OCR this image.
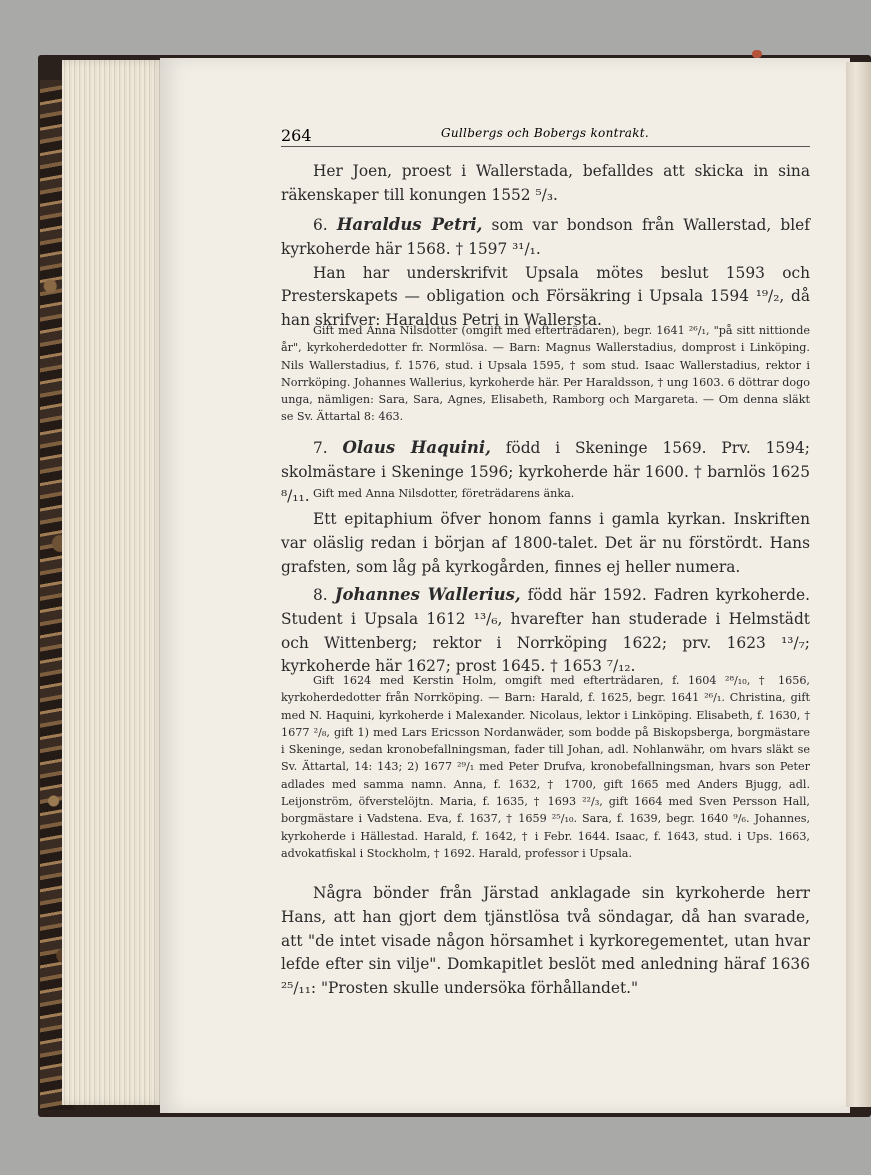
264	Gullbergs och Bobergs kontrakt.

Her Joen, proest i Wallerstada, befalldes att skicka in sina räkenskaper till konungen 1552 ⁵/₃.

6. Haraldus Petri, som var bondson från Wallerstad, blef kyrkoherde här 1568. † 1597 ³¹/₁.

Han har underskrifvit Upsala mötes beslut 1593 och Presterskapets — obligation och Försäkring i Upsala 1594 ¹⁹/₂, då han skrifver: Haraldus Petri in Wallersta.

Gift med Anna Nilsdotter (omgift med efterträdaren), begr. 1641 ²⁶/₁, "på sitt nittionde år", kyrkoherdedotter fr. Normlösa. — Barn: Magnus Wallerstadius, domprost i Linköping. Nils Wallerstadius, f. 1576, stud. i Upsala 1595, † som stud. Isaac Wallerstadius, rektor i Norrköping. Johannes Wallerius, kyrkoherde här. Per Haraldsson, † ung 1603. 6 döttrar dogo unga, nämligen: Sara, Sara, Agnes, Elisabeth, Ramborg och Margareta. — Om denna släkt se Sv. Ättartal 8: 463.

7. Olaus Haquini, född i Skeninge 1569. Prv. 1594; skolmästare i Skeninge 1596; kyrkoherde här 1600. † barnlös 1625 ⁸/₁₁. Gift med Anna Nilsdotter, företrädarens änka.

Ett epitaphium öfver honom fanns i gamla kyrkan. Inskriften var oläslig redan i början af 1800-talet. Det är nu förstördt. Hans grafsten, som låg på kyrkogården, finnes ej heller numera.

8. Johannes Wallerius, född här 1592. Fadren kyrkoherde. Student i Upsala 1612 ¹³/₆, hvarefter han studerade i Helmstädt och Wittenberg; rektor i Norrköping 1622; prv. 1623 ¹³/₇; kyrkoherde här 1627; prost 1645. † 1653 ⁷/₁₂.

Gift 1624 med Kerstin Holm, omgift med efterträdaren, f. 1604 ²⁸/₁₀, † 1656, kyrkoherdedotter från Norrköping. — Barn: Harald, f. 1625, begr. 1641 ²⁶/₁. Christina, gift med N. Haquini, kyrkoherde i Malexander. Nicolaus, lektor i Linköping. Elisabeth, f. 1630, † 1677 ²/₈, gift 1) med Lars Ericsson Nordanwäder, som bodde på Biskopsberga, borgmästare i Skeninge, sedan kronobefallningsman, fader till Johan, adl. Nohlanwähr, om hvars släkt se Sv. Ättartal, 14: 143; 2) 1677 ²⁹/₁ med Peter Drufva, kronobefallningsman, hvars son Peter adlades med samma namn. Anna, f. 1632, † 1700, gift 1665 med Anders Bjugg, adl. Leijonström, öfverstelöjtn. Maria, f. 1635, † 1693 ²²/₃, gift 1664 med Sven Persson Hall, borgmästare i Vadstena. Eva, f. 1637, † 1659 ²⁵/₁₀. Sara, f. 1639, begr. 1640 ⁹/₆. Johannes, kyrkoherde i Hällestad. Harald, f. 1642, † i Febr. 1644. Isaac, f. 1643, stud. i Ups. 1663, advokatfiskal i Stockholm, † 1692. Harald, professor i Upsala.

Några bönder från Järstad anklagade sin kyrkoherde herr Hans, att han gjort dem tjänstlösa två söndagar, då han svarade, att "de intet visade någon hörsamhet i kyrkoregementet, utan hvar lefde efter sin vilje". Domkapitlet beslöt med anledning häraf 1636 ²⁵/₁₁: "Prosten skulle undersöka förhållandet."
